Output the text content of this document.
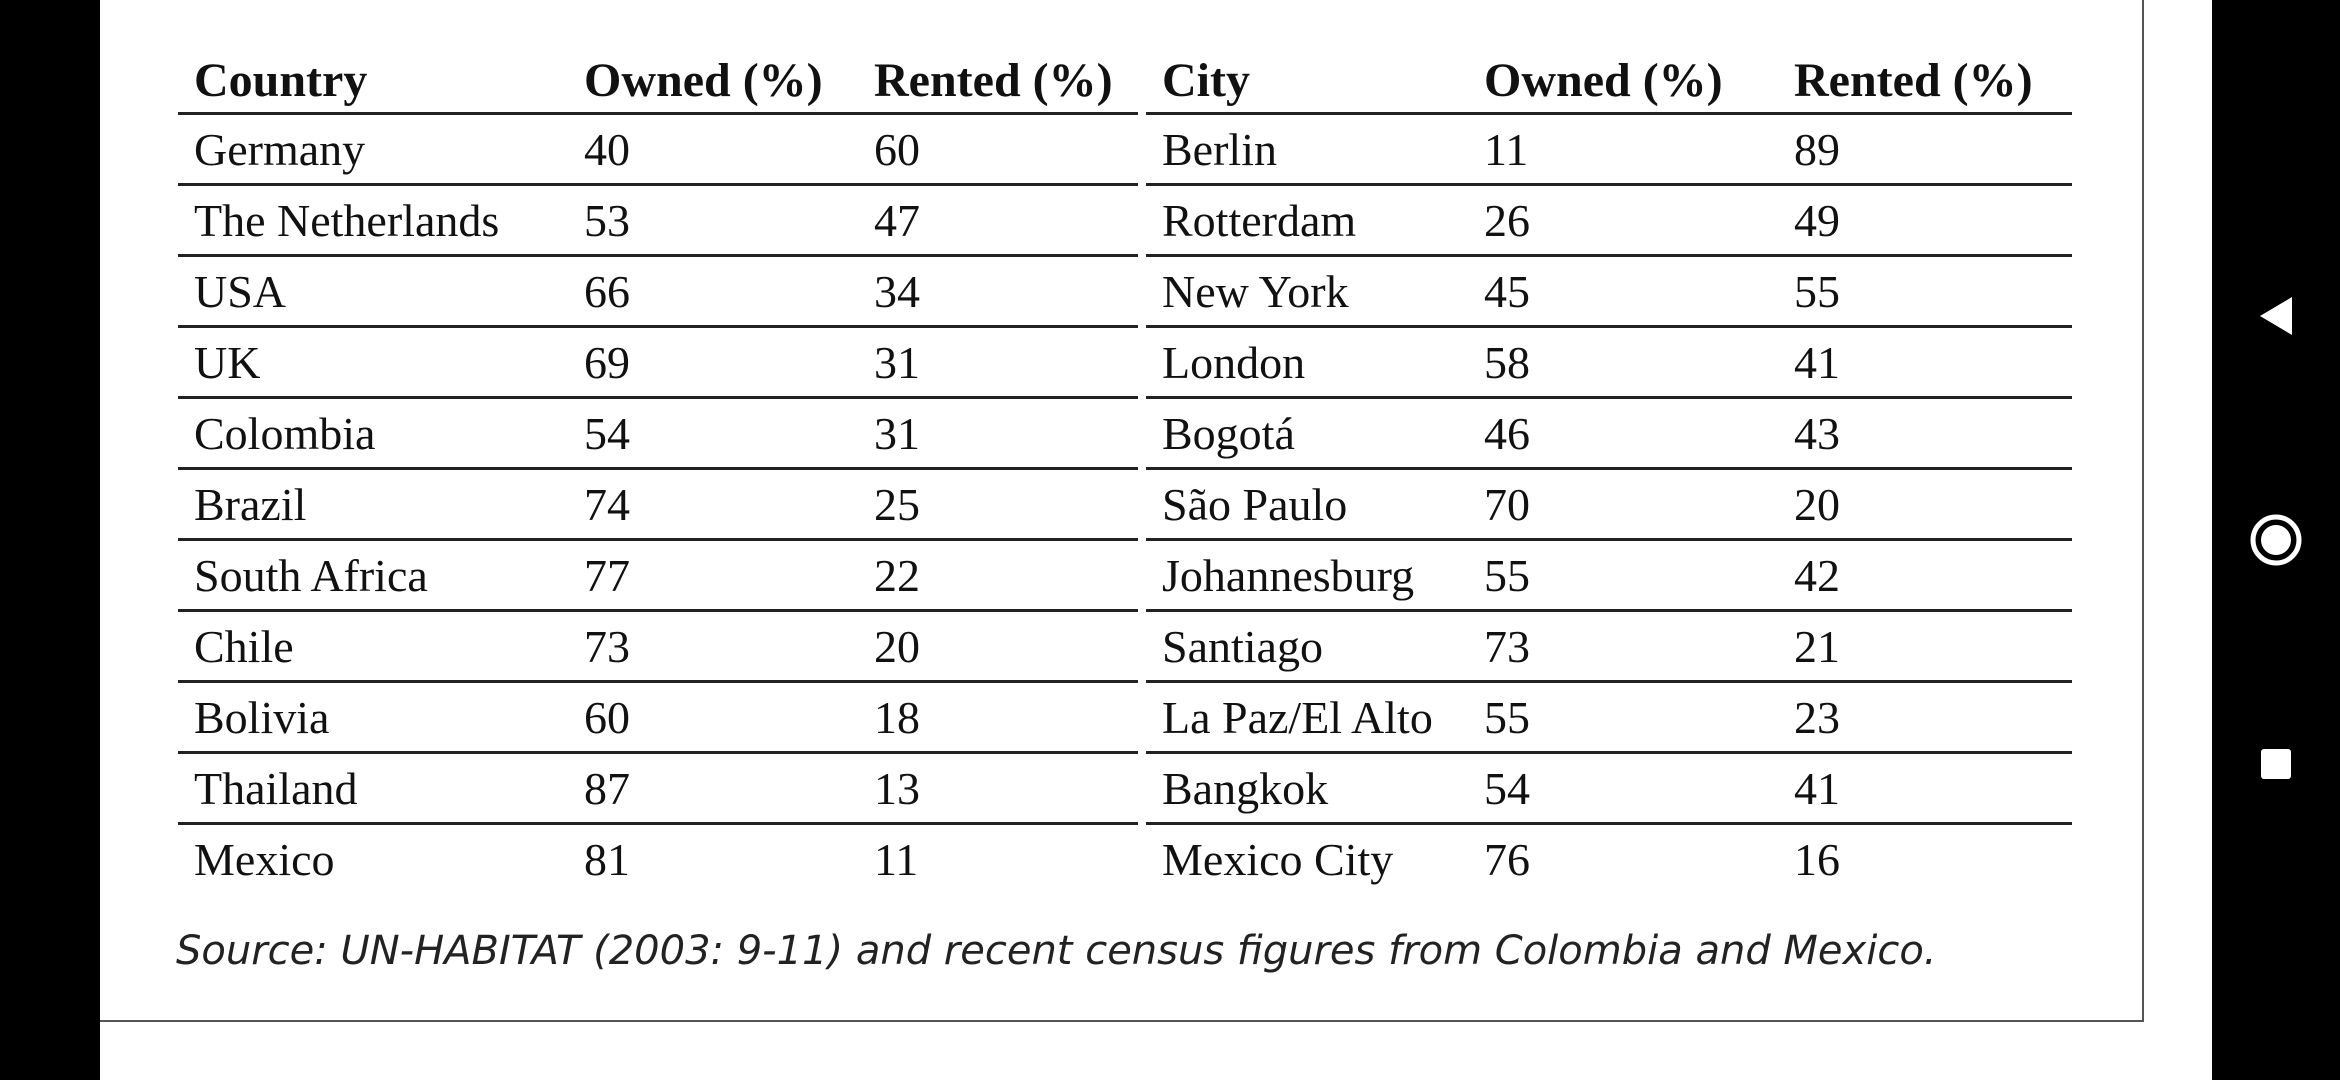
Country	Owned (%)	Rented (%)		City	Owned (%)	Rented (%)
Germany	40	60		Berlin	11	89
The Netherlands	53	47		Rotterdam	26	49
USA	66	34		New York	45	55
UK	69	31		London	58	41
Colombia	54	31		Bogotá	46	43
Brazil	74	25		São Paulo	70	20
South Africa	77	22		Johannesburg	55	42
Chile	73	20		Santiago	73	21
Bolivia	60	18		La Paz/El Alto	55	23
Thailand	87	13		Bangkok	54	41
Mexico	81	11		Mexico City	76	16
Source: UN-HABITAT (2003: 9-11) and recent census figures from Colombia and Mexico.
